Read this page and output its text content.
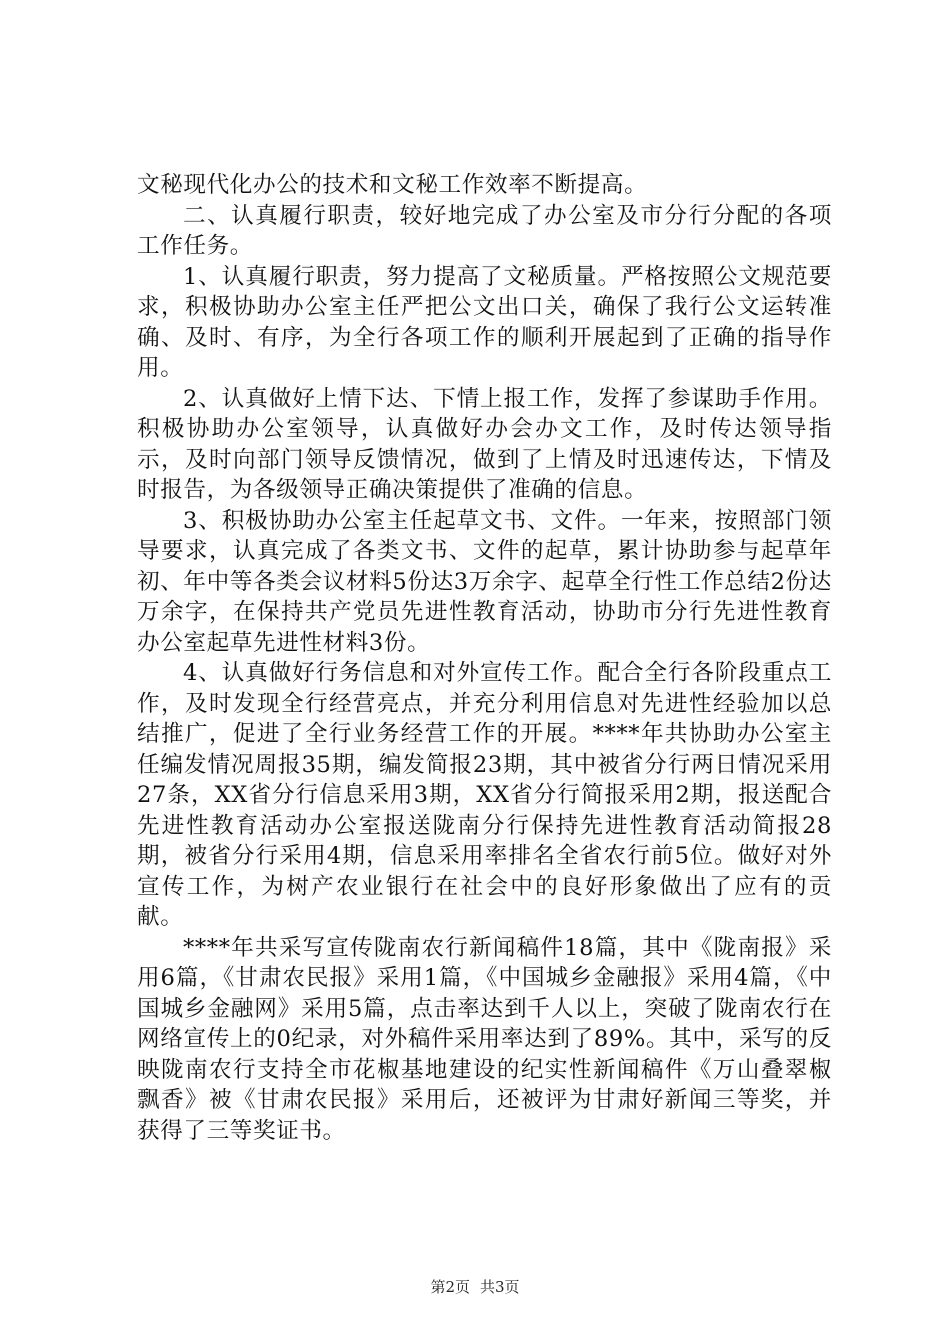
文秘现代化办公的技术和文秘工作效率不断提高。

二、认真履行职责，较好地完成了办公室及市分行分配的各项工作任务。

1、认真履行职责，努力提高了文秘质量。严格按照公文规范要求，积极协助办公室主任严把公文出口关，确保了我行公文运转准确、及时、有序，为全行各项工作的顺利开展起到了正确的指导作用。

2、认真做好上情下达、下情上报工作，发挥了参谋助手作用。积极协助办公室领导，认真做好办会办文工作，及时传达领导指示，及时向部门领导反馈情况，做到了上情及时迅速传达，下情及时报告，为各级领导正确决策提供了准确的信息。

3、积极协助办公室主任起草文书、文件。一年来，按照部门领导要求，认真完成了各类文书、文件的起草，累计协助参与起草年初、年中等各类会议材料5份达3万余字、起草全行性工作总结2份达万余字，在保持共产党员先进性教育活动，协助市分行先进性教育办公室起草先进性材料3份。

4、认真做好行务信息和对外宣传工作。配合全行各阶段重点工作，及时发现全行经营亮点，并充分利用信息对先进性经验加以总结推广，促进了全行业务经营工作的开展。****年共协助办公室主任编发情况周报35期，编发简报23期，其中被省分行两日情况采用27条，XX省分行信息采用3期，XX省分行简报采用2期，报送配合先进性教育活动办公室报送陇南分行保持先进性教育活动简报28期，被省分行采用4期，信息采用率排名全省农行前5位。做好对外宣传工作，为树产农业银行在社会中的良好形象做出了应有的贡献。

****年共采写宣传陇南农行新闻稿件18篇，其中《陇南报》采用6篇，《甘肃农民报》采用1篇，《中国城乡金融报》采用4篇，《中国城乡金融网》采用5篇，点击率达到千人以上，突破了陇南农行在网络宣传上的0纪录，对外稿件采用率达到了89%。其中，采写的反映陇南农行支持全市花椒基地建设的纪实性新闻稿件《万山叠翠椒飘香》被《甘肃农民报》采用后，还被评为甘肃好新闻三等奖，并获得了三等奖证书。

第2页 共3页
